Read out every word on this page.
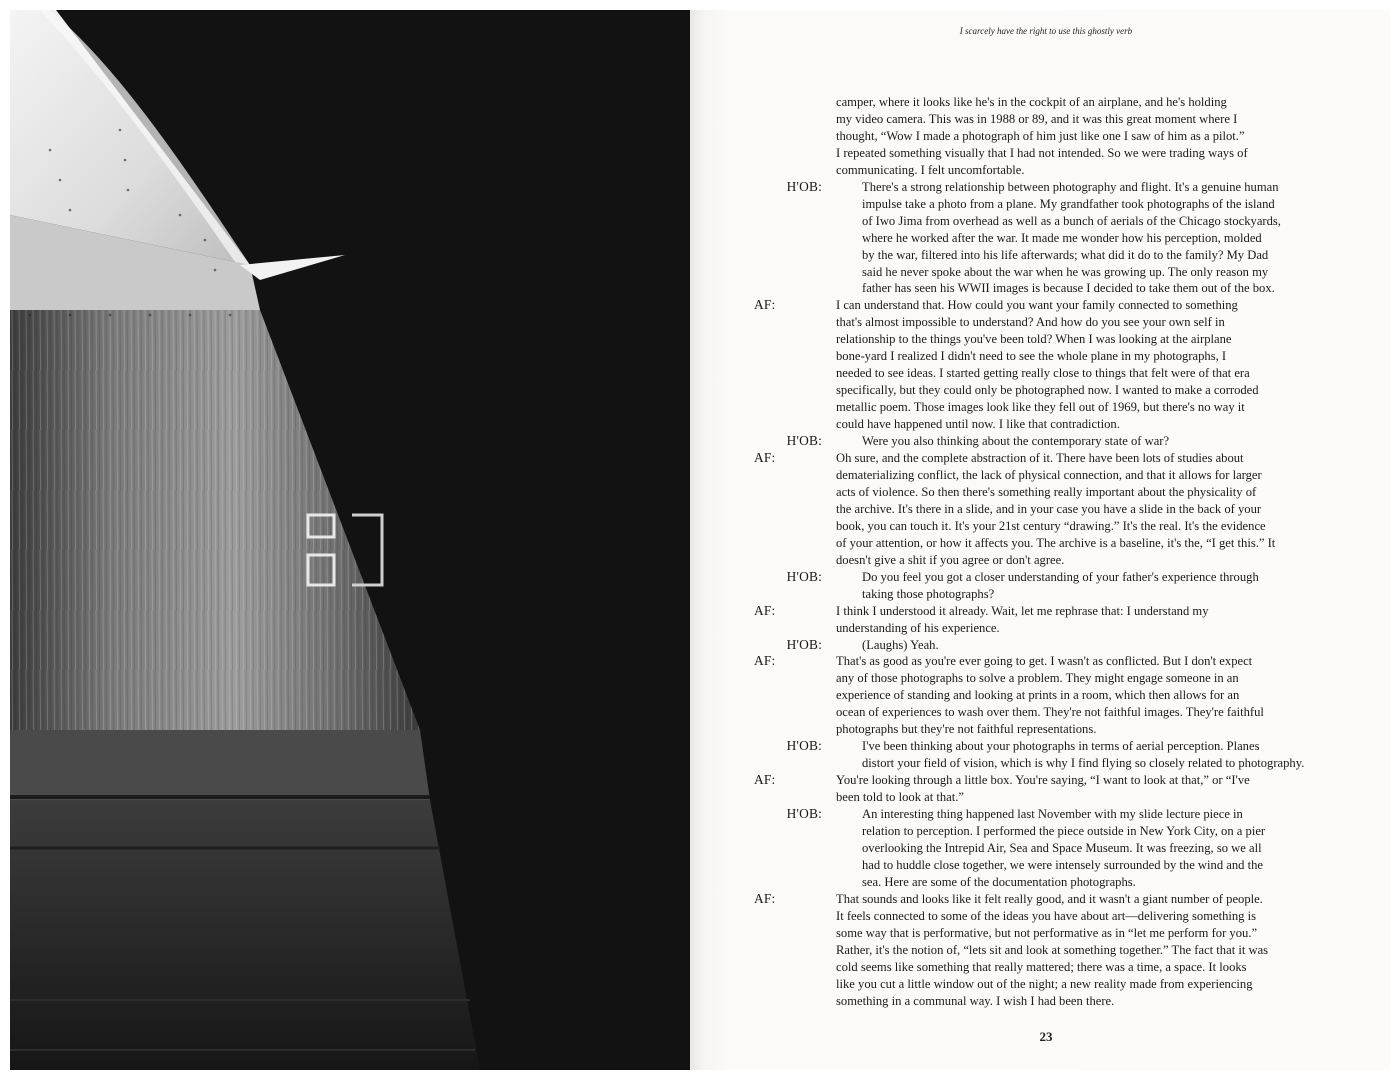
I scarcely have the right to use this ghostly verb
camper, where it looks like he's in the cockpit of an airplane, and he's holding
my video camera. This was in 1988 or 89, and it was this great moment where I
thought, “Wow I made a photograph of him just like one I saw of him as a pilot.”
I repeated something visually that I had not intended. So we were trading ways of
communicating. I felt uncomfortable.
H'OB:	There's a strong relationship between photography and flight. It's a genuine human
impulse take a photo from a plane. My grandfather took photographs of the island
of Iwo Jima from overhead as well as a bunch of aerials of the Chicago stockyards,
where he worked after the war. It made me wonder how his perception, molded
by the war, filtered into his life afterwards; what did it do to the family? My Dad
said he never spoke about the war when he was growing up. The only reason my
father has seen his WWII images is because I decided to take them out of the box.
AF:	I can understand that. How could you want your family connected to something
that's almost impossible to understand? And how do you see your own self in
relationship to the things you've been told? When I was looking at the airplane
bone-yard I realized I didn't need to see the whole plane in my photographs, I
needed to see ideas. I started getting really close to things that felt were of that era
specifically, but they could only be photographed now. I wanted to make a corroded
metallic poem. Those images look like they fell out of 1969, but there's no way it
could have happened until now. I like that contradiction.
H'OB:	Were you also thinking about the contemporary state of war?
AF:	Oh sure, and the complete abstraction of it. There have been lots of studies about
dematerializing conflict, the lack of physical connection, and that it allows for larger
acts of violence. So then there's something really important about the physicality of
the archive. It's there in a slide, and in your case you have a slide in the back of your
book, you can touch it. It's your 21st century “drawing.” It's the real. It's the evidence
of your attention, or how it affects you. The archive is a baseline, it's the, “I get this.” It
doesn't give a shit if you agree or don't agree.
H'OB:	Do you feel you got a closer understanding of your father's experience through
taking those photographs?
AF:	I think I understood it already. Wait, let me rephrase that: I understand my
understanding of his experience.
H'OB:	(Laughs) Yeah.
AF:	That's as good as you're ever going to get. I wasn't as conflicted. But I don't expect
any of those photographs to solve a problem. They might engage someone in an
experience of standing and looking at prints in a room, which then allows for an
ocean of experiences to wash over them. They're not faithful images. They're faithful
photographs but they're not faithful representations.
H'OB:	I've been thinking about your photographs in terms of aerial perception. Planes
distort your field of vision, which is why I find flying so closely related to photography.
AF:	You're looking through a little box. You're saying, “I want to look at that,” or “I've
been told to look at that.”
H'OB:	An interesting thing happened last November with my slide lecture piece in
relation to perception. I performed the piece outside in New York City, on a pier
overlooking the Intrepid Air, Sea and Space Museum. It was freezing, so we all
had to huddle close together, we were intensely surrounded by the wind and the
sea. Here are some of the documentation photographs.
AF:	That sounds and looks like it felt really good, and it wasn't a giant number of people.
It feels connected to some of the ideas you have about art—delivering something is
some way that is performative, but not performative as in “let me perform for you.”
Rather, it's the notion of, “lets sit and look at something together.” The fact that it was
cold seems like something that really mattered; there was a time, a space. It looks
like you cut a little window out of the night; a new reality made from experiencing
something in a communal way. I wish I had been there.
23
